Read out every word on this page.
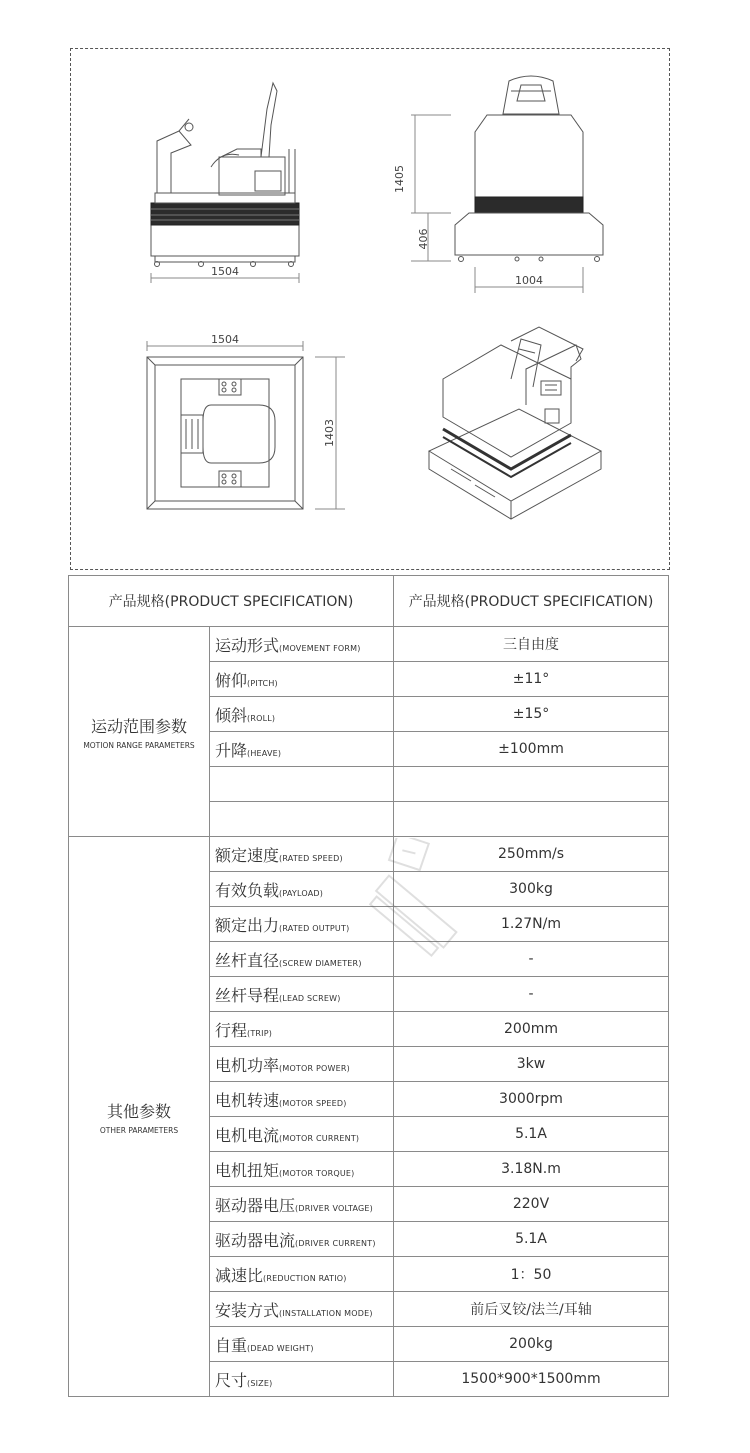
1504
1004
1504
1405
406
1403
产品规格(PRODUCT SPECIFICATION)		产品规格(PRODUCT SPECIFICATION)

运动范围参数
MOTION RANGE PARAMETERS	运动形式(MOVEMENT FORM)	三自由度
	俯仰(PITCH)	±11°
	倾斜(ROLL)	±15°
	升降(HEAVE)	±100mm

其他参数
OTHER PARAMETERS	额定速度(RATED SPEED)	250mm/s
	有效负载(PAYLOAD)	300kg
	额定出力(RATED OUTPUT)	1.27N/m
	丝杆直径(SCREW DIAMETER)	-
	丝杆导程(LEAD SCREW)	-
	行程(TRIP)	200mm
	电机功率(MOTOR POWER)	3kw
	电机转速(MOTOR SPEED)	3000rpm
	电机电流(MOTOR CURRENT)	5.1A
	电机扭矩(MOTOR TORQUE)	3.18N.m
	驱动器电压(DRIVER VOLTAGE)	220V
	驱动器电流(DRIVER CURRENT)	5.1A
	减速比(REDUCTION RATIO)	1：50
	安装方式(INSTALLATION MODE)	前后叉铰/法兰/耳轴
	自重(DEAD WEIGHT)	200kg
	尺寸(SIZE)	1500*900*1500mm
